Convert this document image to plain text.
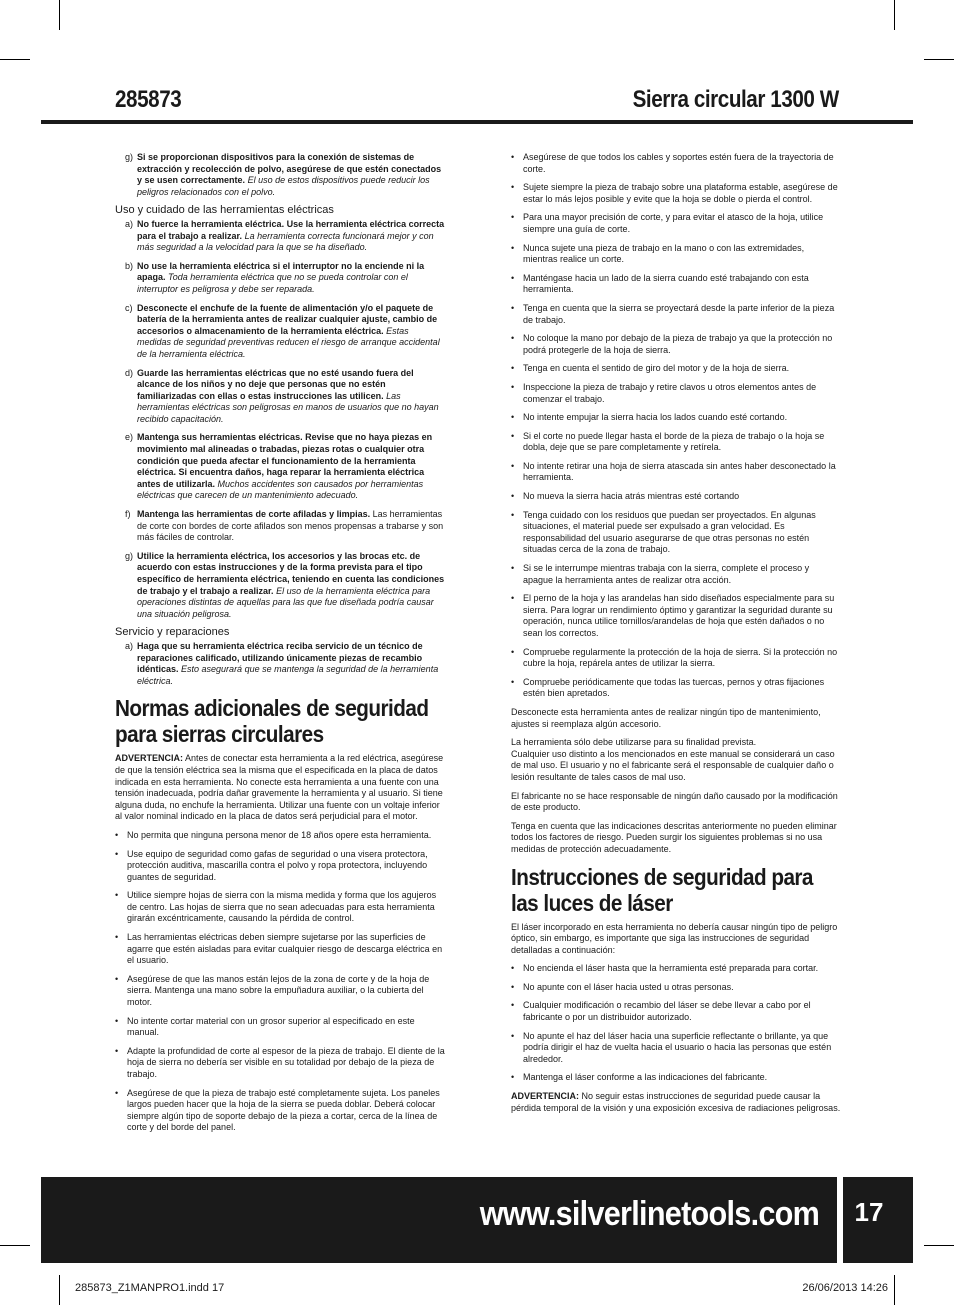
285873	Sierra circular 1300 W
g) Si se proporcionan dispositivos para la conexión de sistemas de extracción y recolección de polvo, asegúrese de que estén conectados y se usen correctamente. El uso de estos dispositivos puede reducir los peligros relacionados con el polvo.
Uso y cuidado de las herramientas eléctricas
a) No fuerce la herramienta eléctrica. Use la herramienta eléctrica correcta para el trabajo a realizar. La herramienta correcta funcionará mejor y con más seguridad a la velocidad para la que se ha diseñado.
b) No use la herramienta eléctrica si el interruptor no la enciende ni la apaga. Toda herramienta eléctrica que no se pueda controlar con el interruptor es peligrosa y debe ser reparada.
c) Desconecte el enchufe de la fuente de alimentación y/o el paquete de batería de la herramienta antes de realizar cualquier ajuste, cambio de accesorios o almacenamiento de la herramienta eléctrica. Estas medidas de seguridad preventivas reducen el riesgo de arranque accidental de la herramienta eléctrica.
d) Guarde las herramientas eléctricas que no esté usando fuera del alcance de los niños y no deje que personas que no estén familiarizadas con ellas o estas instrucciones las utilicen. Las herramientas eléctricas son peligrosas en manos de usuarios que no hayan recibido capacitación.
e) Mantenga sus herramientas eléctricas. Revise que no haya piezas en movimiento mal alineadas o trabadas, piezas rotas o cualquier otra condición que pueda afectar el funcionamiento de la herramienta eléctrica. Si encuentra daños, haga reparar la herramienta eléctrica antes de utilizarla. Muchos accidentes son causados por herramientas eléctricas que carecen de un mantenimiento adecuado.
f) Mantenga las herramientas de corte afiladas y limpias. Las herramientas de corte con bordes de corte afilados son menos propensas a trabarse y son más fáciles de controlar.
g) Utilice la herramienta eléctrica, los accesorios y las brocas etc. de acuerdo con estas instrucciones y de la forma prevista para el tipo específico de herramienta eléctrica, teniendo en cuenta las condiciones de trabajo y el trabajo a realizar. El uso de la herramienta eléctrica para operaciones distintas de aquellas para las que fue diseñada podría causar una situación peligrosa.
Servicio y reparaciones
a) Haga que su herramienta eléctrica reciba servicio de un técnico de reparaciones calificado, utilizando únicamente piezas de recambio idénticas. Esto asegurará que se mantenga la seguridad de la herramienta eléctrica.
Normas adicionales de seguridad para sierras circulares

ADVERTENCIA: Antes de conectar esta herramienta a la red eléctrica, asegúrese de que la tensión eléctrica sea la misma que el especificada en la placa de datos indicada en esta herramienta. No conecte esta herramienta a una fuente con una tensión inadecuada, podría dañar gravemente la herramienta y al usuario. Si tiene alguna duda, no enchufe la herramienta. Utilizar una fuente con un voltaje inferior al valor nominal indicado en la placa de datos será perjudicial para el motor.

• No permita que ninguna persona menor de 18 años opere esta herramienta.
• Use equipo de seguridad como gafas de seguridad o una visera protectora, protección auditiva, mascarilla contra el polvo y ropa protectora, incluyendo guantes de seguridad.
• Utilice siempre hojas de sierra con la misma medida y forma que los agujeros de centro. Las hojas de sierra que no sean adecuadas para esta herramienta girarán excéntricamente, causando la pérdida de control.
• Las herramientas eléctricas deben siempre sujetarse por las superficies de agarre que estén aisladas para evitar cualquier riesgo de descarga eléctrica en el usuario.
• Asegúrese de que las manos están lejos de la zona de corte y de la hoja de sierra. Mantenga una mano sobre la empuñadura auxiliar, o la cubierta del motor.
• No intente cortar material con un grosor superior al especificado en este manual.
• Adapte la profundidad de corte al espesor de la pieza de trabajo. El diente de la hoja de sierra no debería ser visible en su totalidad por debajo de la pieza de trabajo.
• Asegúrese de que la pieza de trabajo esté completamente sujeta. Los paneles largos pueden hacer que la hoja de la sierra se pueda doblar. Deberá colocar siempre algún tipo de soporte debajo de la pieza a cortar, cerca de la línea de corte y del borde del panel.
• Asegúrese de que todos los cables y soportes estén fuera de la trayectoria de corte.
• Sujete siempre la pieza de trabajo sobre una plataforma estable, asegúrese de estar lo más lejos posible y evite que la hoja se doble o pierda el control.
• Para una mayor precisión de corte, y para evitar el atasco de la hoja, utilice siempre una guía de corte.
• Nunca sujete una pieza de trabajo en la mano o con las extremidades, mientras realice un corte.
• Manténgase hacia un lado de la sierra cuando esté trabajando con esta herramienta.
• Tenga en cuenta que la sierra se proyectará desde la parte inferior de la pieza de trabajo.
• No coloque la mano por debajo de la pieza de trabajo ya que la protección no podrá protegerle de la hoja de sierra.
• Tenga en cuenta el sentido de giro del motor y de la hoja de sierra.
• Inspeccione la pieza de trabajo y retire clavos u otros elementos antes de comenzar el trabajo.
• No intente empujar la sierra hacia los lados cuando esté cortando.
• Si el corte no puede llegar hasta el borde de la pieza de trabajo o la hoja se dobla, deje que se pare completamente y retírela.
• No intente retirar una hoja de sierra atascada sin antes haber desconectado la herramienta.
• No mueva la sierra hacia atrás mientras esté cortando
• Tenga cuidado con los residuos que puedan ser proyectados. En algunas situaciones, el material puede ser expulsado a gran velocidad. Es responsabilidad del usuario asegurarse de que otras personas no estén situadas cerca de la zona de trabajo.
• Si se le interrumpe mientras trabaja con la sierra, complete el proceso y apague la herramienta antes de realizar otra acción.
• El perno de la hoja y las arandelas han sido diseñados especialmente para su sierra. Para lograr un rendimiento óptimo y garantizar la seguridad durante su operación, nunca utilice tornillos/arandelas de hoja que estén dañados o no sean los correctos.
• Compruebe regularmente la protección de la hoja de sierra. Si la protección no cubre la hoja, repárela antes de utilizar la sierra.
• Compruebe periódicamente que todas las tuercas, pernos y otras fijaciones estén bien apretados.

Desconecte esta herramienta antes de realizar ningún tipo de mantenimiento, ajustes si reemplaza algún accesorio.

La herramienta sólo debe utilizarse para su finalidad prevista.
Cualquier uso distinto a los mencionados en este manual se considerará un caso de mal uso. El usuario y no el fabricante será el responsable de cualquier daño o lesión resultante de tales casos de mal uso.

El fabricante no se hace responsable de ningún daño causado por la modificación de este producto.

Tenga en cuenta que las indicaciones descritas anteriormente no pueden eliminar todos los factores de riesgo. Pueden surgir los siguientes problemas si no usa medidas de protección adecuadamente.

Instrucciones de seguridad para las luces de láser

El láser incorporado en esta herramienta no debería causar ningún tipo de peligro óptico, sin embargo, es importante que siga las instrucciones de seguridad detalladas a continuación:

• No encienda el láser hasta que la herramienta esté preparada para cortar.
• No apunte con el láser hacia usted u otras personas.
• Cualquier modificación o recambio del láser se debe llevar a cabo por el fabricante o por un distribuidor autorizado.
• No apunte el haz del láser hacia una superficie reflectante o brillante, ya que podría dirigir el haz de vuelta hacia el usuario o hacia las personas que estén alrededor.
• Mantenga el láser conforme a las indicaciones del fabricante.

ADVERTENCIA: No seguir estas instrucciones de seguridad puede causar la pérdida temporal de la visión y una exposición excesiva de radiaciones peligrosas.

www.silverlinetools.com	17
285873_Z1MANPRO1.indd 17	26/06/2013 14:26
